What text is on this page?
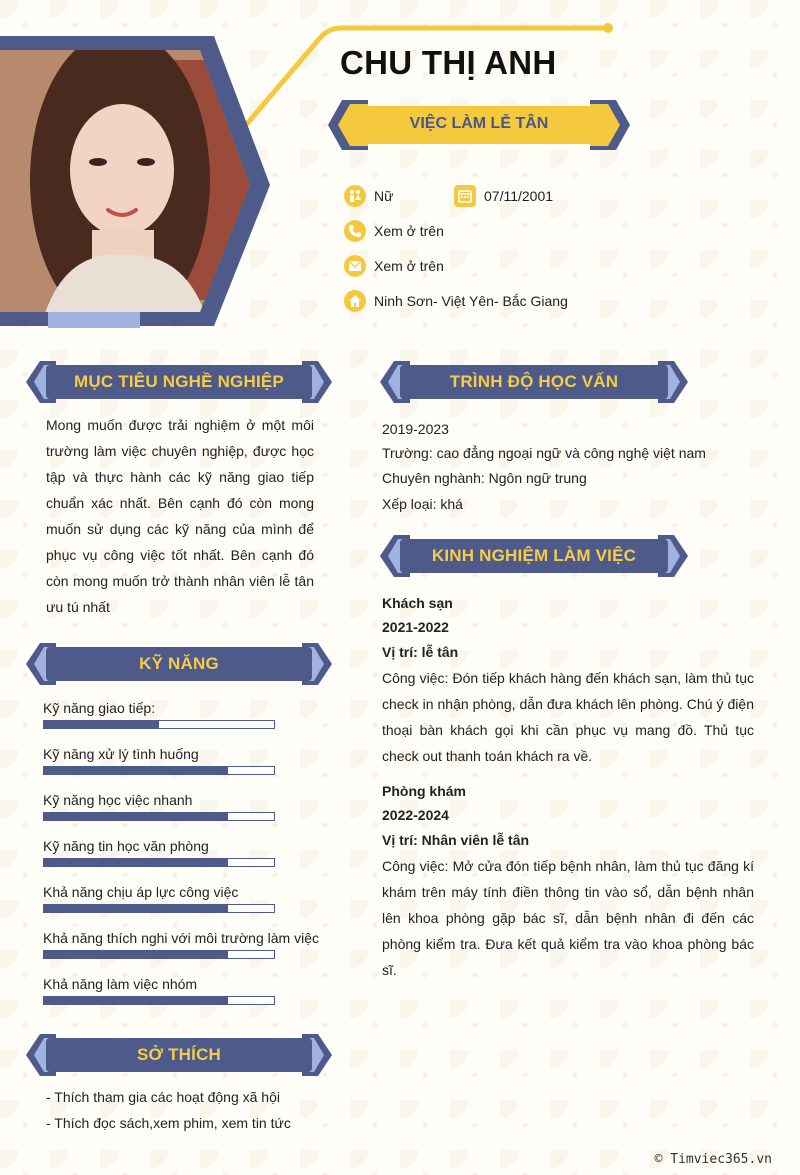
CHU THỊ ANH
VIỆC LÀM LỄ TÂN
Nữ	07/11/2001
Xem ở trên
Xem ở trên
Ninh Sơn- Việt Yên- Bắc Giang
MỤC TIÊU NGHỀ NGHIỆP
Mong muốn được trải nghiệm ở một môi trường làm việc chuyên nghiệp, được học tập và thực hành các kỹ năng giao tiếp chuẩn xác nhất. Bên cạnh đó còn mong muốn sử dụng các kỹ năng của mình để phục vụ công việc tốt nhất. Bên cạnh đó còn mong muốn trở thành nhân viên lễ tân ưu tú nhất
KỸ NĂNG
Kỹ năng giao tiếp:
Kỹ năng xử lý tình huống
Kỹ năng học việc nhanh
Kỹ năng tin học văn phòng
Khả năng chịu áp lực công việc
Khả năng thích nghi với môi trường làm việc
Khả năng làm việc nhóm
SỞ THÍCH
- Thích tham gia các hoạt động xã hội
- Thích đọc sách,xem phim, xem tin tức
TRÌNH ĐỘ HỌC VẤN
2019-2023
Trường: cao đẳng ngoại ngữ và công nghệ việt nam
Chuyên nghành: Ngôn ngữ trung
Xếp loại: khá
KINH NGHIỆM LÀM VIỆC
Khách sạn
2021-2022
Vị trí: lễ tân
Công việc: Đón tiếp khách hàng đến khách sạn, làm thủ tục check in nhận phòng, dẫn đưa khách lên phòng. Chú ý điện thoại bàn khách gọi khi cần phục vụ mang đồ. Thủ tục check out thanh toán khách ra về.
Phòng khám
2022-2024
Vị trí: Nhân viên lễ tân
Công việc: Mở cửa đón tiếp bệnh nhân, làm thủ tục đăng kí khám trên máy tính điền thông tin vào sổ, dẫn bệnh nhân lên khoa phòng gặp bác sĩ, dẫn bệnh nhân đi đến các phòng kiểm tra. Đưa kết quả kiểm tra vào khoa phòng bác sĩ.
© Timviec365.vn
